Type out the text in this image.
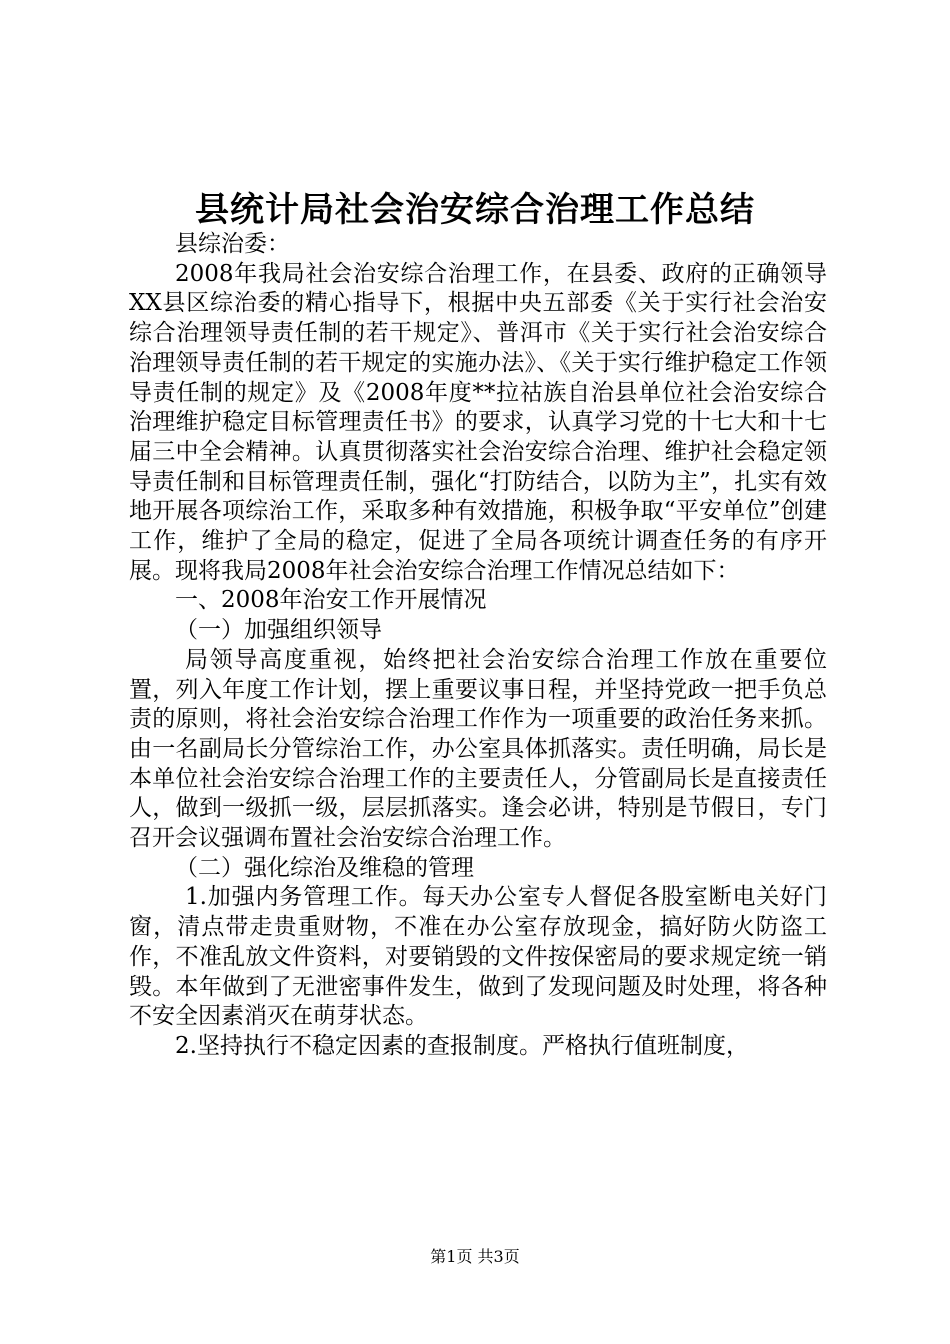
县统计局社会治安综合治理工作总结

县综治委：

2008年我局社会治安综合治理工作，在县委、政府的正确领导XX县区综治委的精心指导下，根据中央五部委《关于实行社会治安综合治理领导责任制的若干规定》、普洱市《关于实行社会治安综合治理领导责任制的若干规定的实施办法》、《关于实行维护稳定工作领导责任制的规定》及《2008年度**拉祜族自治县单位社会治安综合治理维护稳定目标管理责任书》的要求，认真学习党的十七大和十七届三中全会精神。认真贯彻落实社会治安综合治理、维护社会稳定领导责任制和目标管理责任制，强化“打防结合，以防为主”，扎实有效地开展各项综治工作，采取多种有效措施，积极争取“平安单位”创建工作，维护了全局的稳定，促进了全局各项统计调查任务的有序开展。现将我局2008年社会治安综合治理工作情况总结如下：

一、2008年治安工作开展情况

（一）加强组织领导

局领导高度重视，始终把社会治安综合治理工作放在重要位置，列入年度工作计划，摆上重要议事日程，并坚持党政一把手负总责的原则，将社会治安综合治理工作作为一项重要的政治任务来抓。由一名副局长分管综治工作，办公室具体抓落实。责任明确，局长是本单位社会治安综合治理工作的主要责任人，分管副局长是直接责任人，做到一级抓一级，层层抓落实。逢会必讲，特别是节假日，专门召开会议强调布置社会治安综合治理工作。

（二）强化综治及维稳的管理

1.加强内务管理工作。每天办公室专人督促各股室断电关好门窗，清点带走贵重财物，不准在办公室存放现金，搞好防火防盗工作，不准乱放文件资料，对要销毁的文件按保密局的要求规定统一销毁。本年做到了无泄密事件发生，做到了发现问题及时处理，将各种不安全因素消灭在萌芽状态。

2.坚持执行不稳定因素的查报制度。严格执行值班制度，

第1页 共3页
